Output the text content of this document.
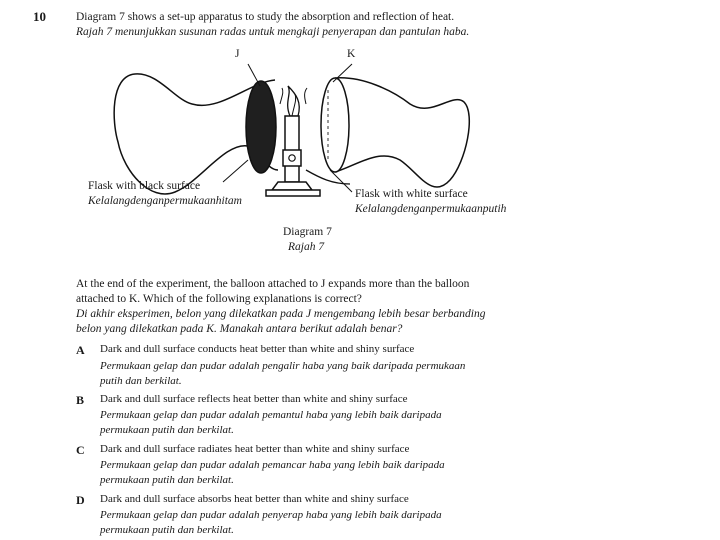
10	Diagram 7 shows a set-up apparatus to study the absorption and reflection of heat.
Rajah 7 menunjukkan susunan radas untuk mengkaji penyerapan dan pantulan haba.
J	K
Flask with black surface
Kelalangdenganpermukaanhitam
Flask with white surface
Kelalangdenganpermukaanputih
Diagram 7
Rajah 7
At the end of the experiment, the balloon attached to J expands more than the balloon
attached to K. Which of the following explanations is correct?
Di akhir eksperimen, belon yang dilekatkan pada J mengembang lebih besar berbanding
belon yang dilekatkan pada K. Manakah antara berikut adalah benar?
A Dark and dull surface conducts heat better than white and shiny surface
Permukaan gelap dan pudar adalah pengalir haba yang baik daripada permukaan
putih dan berkilat.
B Dark and dull surface reflects heat better than white and shiny surface
Permukaan gelap dan pudar adalah pemantul haba yang lebih baik daripada
permukaan putih dan berkilat.
C Dark and dull surface radiates heat better than white and shiny surface
Permukaan gelap dan pudar adalah pemancar haba yang lebih baik daripada
permukaan putih dan berkilat.
D Dark and dull surface absorbs heat better than white and shiny surface
Permukaan gelap dan pudar adalah penyerap haba yang lebih baik daripada
permukaan putih dan berkilat.
